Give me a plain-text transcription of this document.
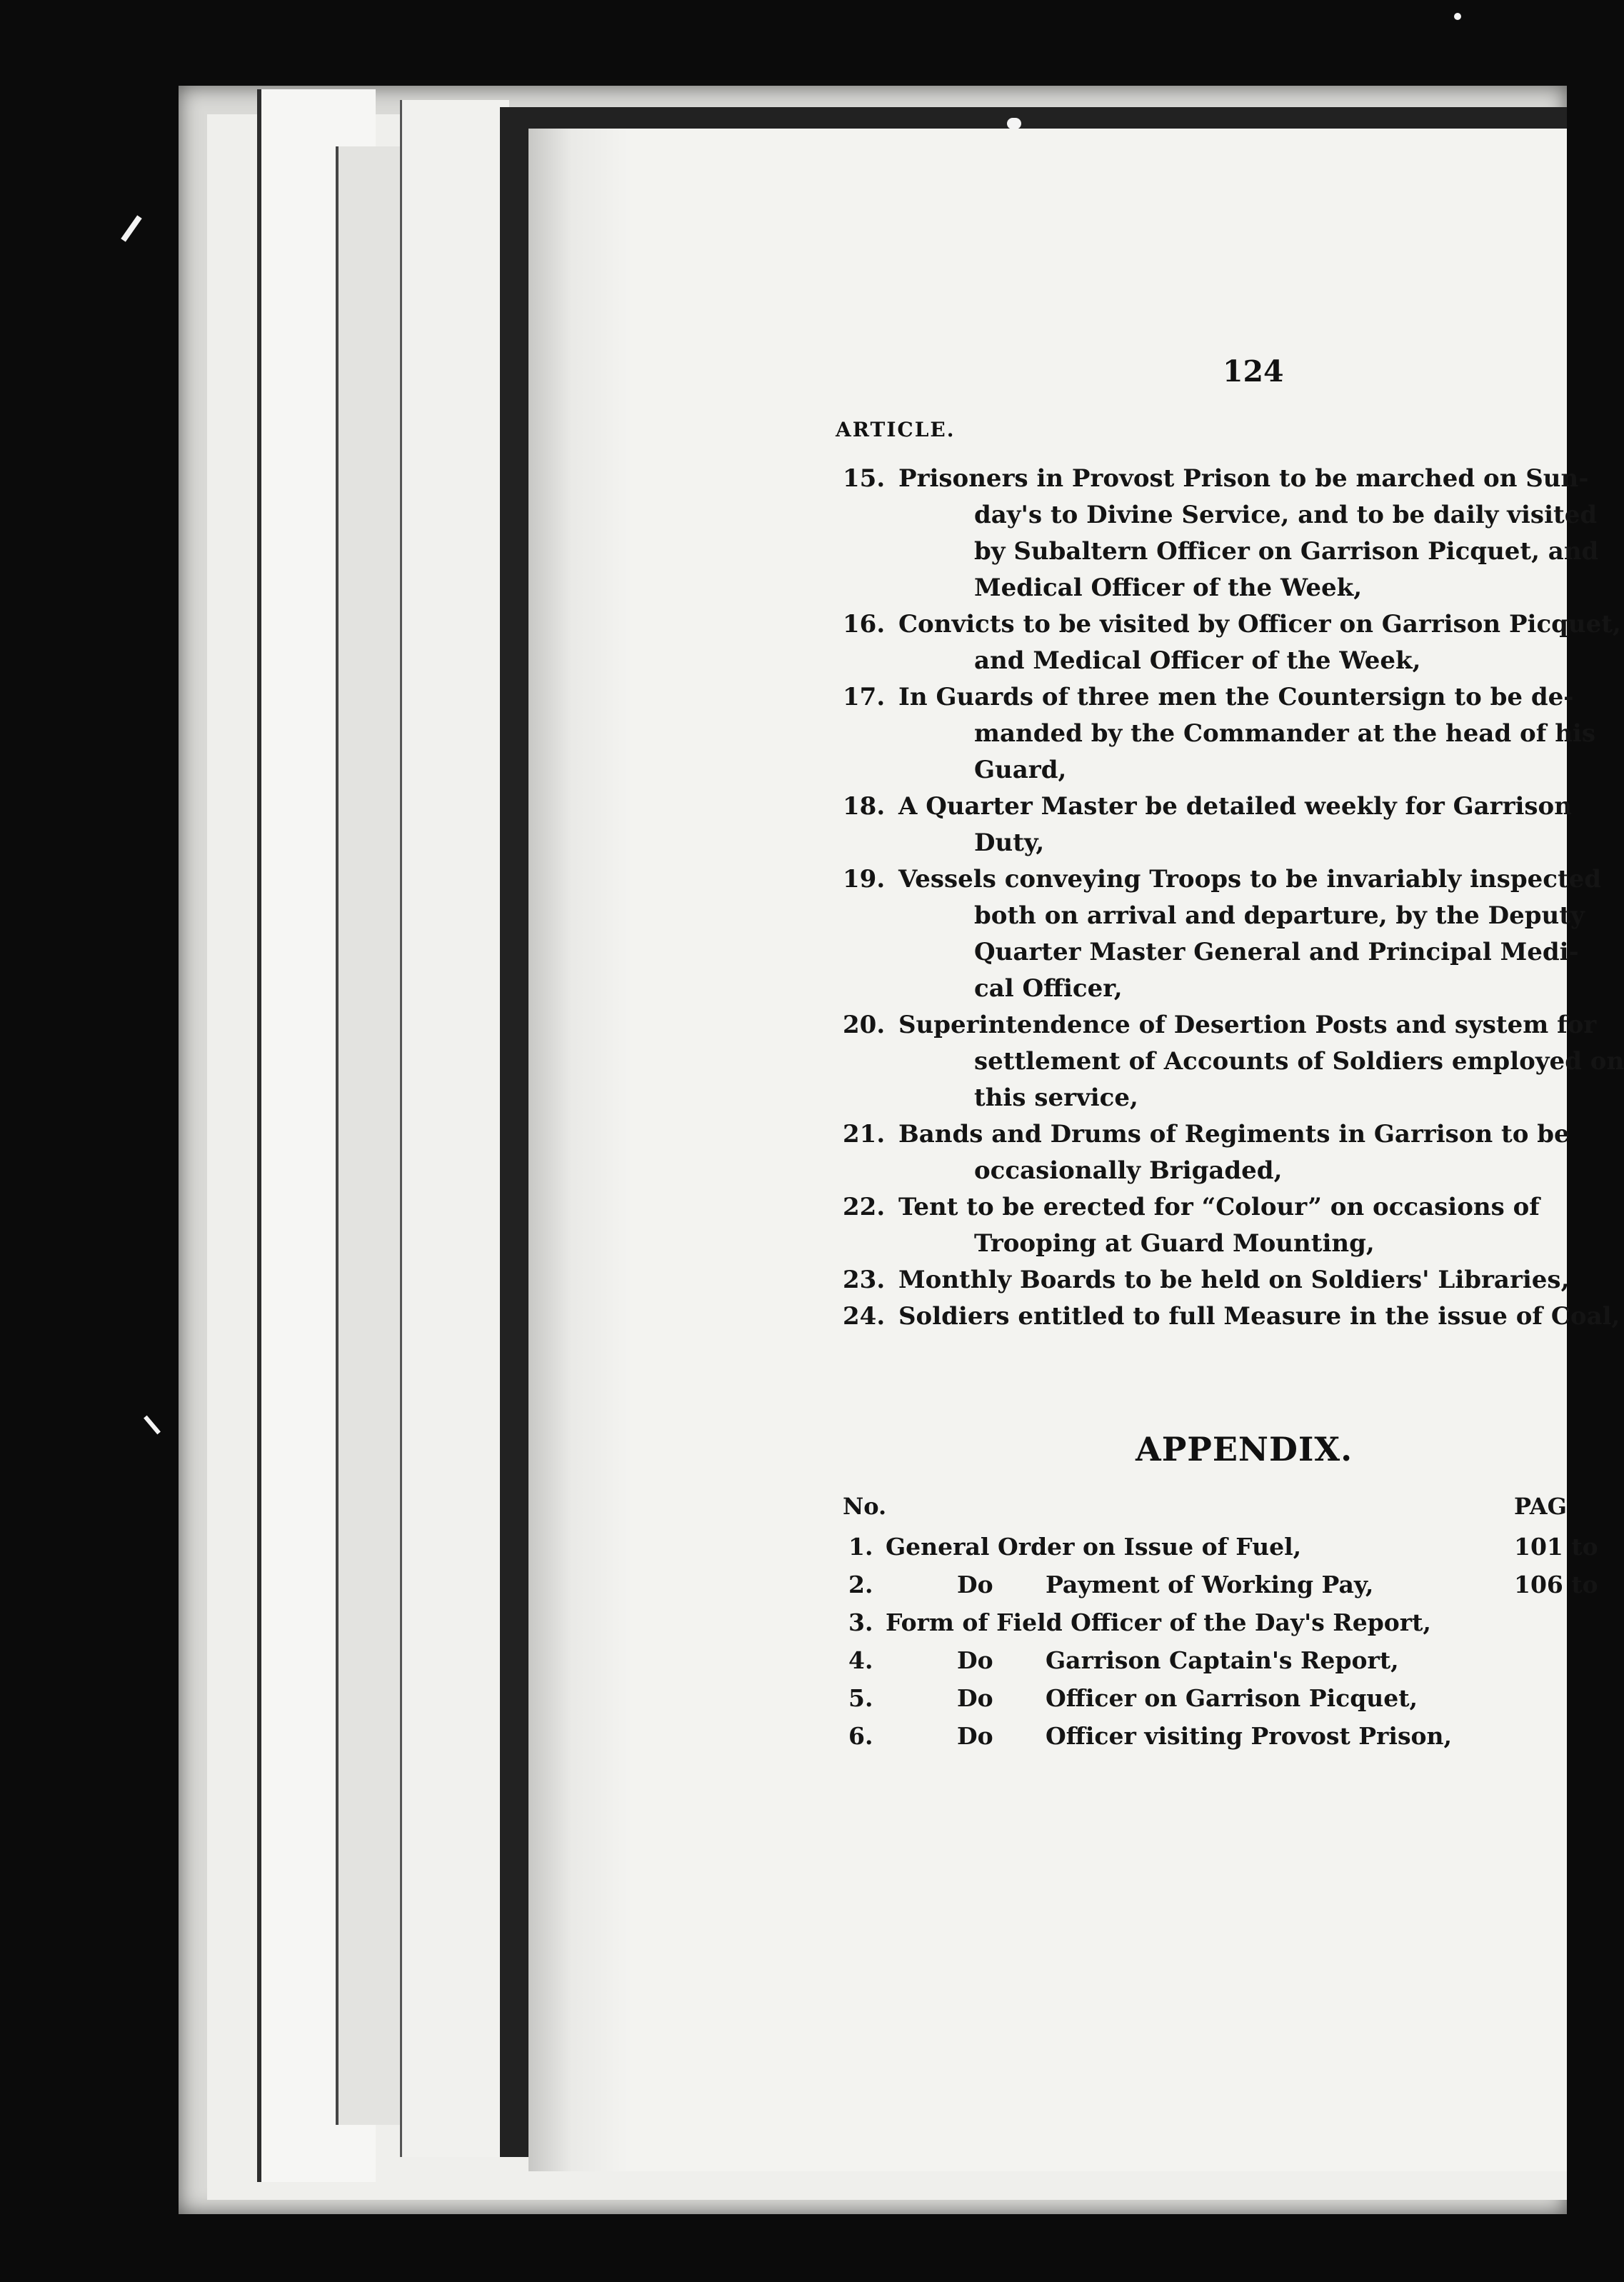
124
ARTICLE.
15. Prisoners in Provost Prison to be marched on Sun-
day's to Divine Service, and to be daily visited
by Subaltern Officer on Garrison Picquet, and
Medical Officer of the Week,
16. Convicts to be visited by Officer on Garrison Picquet,
and Medical Officer of the Week,
17. In Guards of three men the Countersign to be de-
manded by the Commander at the head of his
Guard,
18. A Quarter Master be detailed weekly for Garrison
Duty,
19. Vessels conveying Troops to be invariably inspected
both on arrival and departure, by the Deputy
Quarter Master General and Principal Medi-
cal Officer,
20. Superintendence of Desertion Posts and system for
settlement of Accounts of Soldiers employed on
this service,
21. Bands and Drums of Regiments in Garrison to be
occasionally Brigaded,
22. Tent to be erected for “Colour” on occasions of
Trooping at Guard Mounting,
23. Monthly Boards to be held on Soldiers' Libraries,
24. Soldiers entitled to full Measure in the issue of Coal,
APPENDIX.
No.	PAG
1. General Order on Issue of Fuel,	101 to
2.	Do Payment of Working Pay,	106 to
3. Form of Field Officer of the Day's Report,
4.	Do Garrison Captain's Report,
5.	Do Officer on Garrison Picquet,
6.	Do Officer visiting Provost Prison,
